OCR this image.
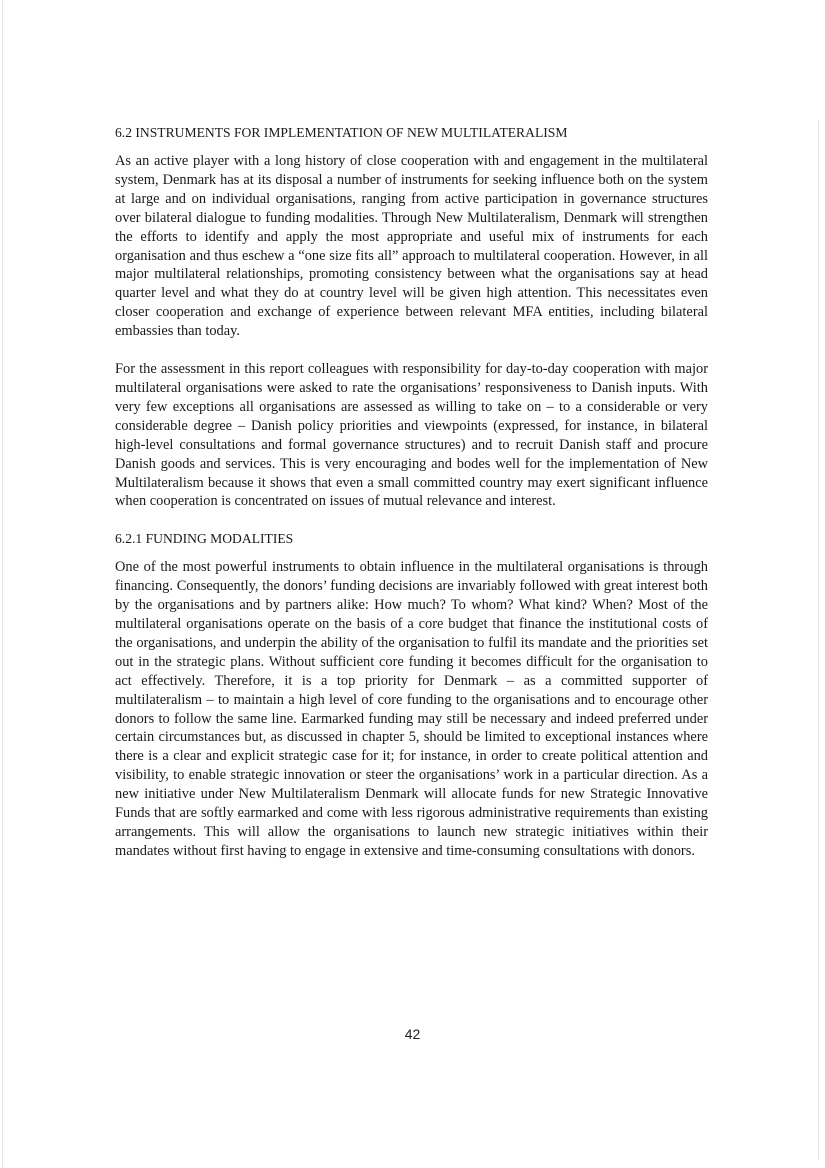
6.2 INSTRUMENTS FOR IMPLEMENTATION OF NEW MULTILATERALISM

As an active player with a long history of close cooperation with and engagement in the multilateral system, Denmark has at its disposal a number of instruments for seeking influence both on the system at large and on individual organisations, ranging from active participation in governance structures over bilateral dialogue to funding modalities. Through New Multilateralism, Denmark will strengthen the efforts to identify and apply the most appropriate and useful mix of instruments for each organisation and thus eschew a “one size fits all” approach to multilateral cooperation. However, in all major multilateral relationships, promoting consistency between what the organisations say at head quarter level and what they do at country level will be given high attention. This necessitates even closer cooperation and exchange of experience between relevant MFA entities, including bilateral embassies than today.

For the assessment in this report colleagues with responsibility for day-to-day cooperation with major multilateral organisations were asked to rate the organisations’ responsiveness to Danish inputs. With very few exceptions all organisations are assessed as willing to take on – to a considerable or very considerable degree – Danish policy priorities and viewpoints (expressed, for instance, in bilateral high-level consultations and formal governance structures) and to recruit Danish staff and procure Danish goods and services. This is very encouraging and bodes well for the implementation of New Multilateralism because it shows that even a small committed country may exert significant influence when cooperation is concentrated on issues of mutual relevance and interest.

6.2.1 FUNDING MODALITIES

One of the most powerful instruments to obtain influence in the multilateral organisations is through financing. Consequently, the donors’ funding decisions are invariably followed with great interest both by the organisations and by partners alike: How much? To whom? What kind? When? Most of the multilateral organisations operate on the basis of a core budget that finance the institutional costs of the organisations, and underpin the ability of the organisation to fulfil its mandate and the priorities set out in the strategic plans. Without sufficient core funding it becomes difficult for the organisation to act effectively. Therefore, it is a top priority for Denmark – as a committed supporter of multilateralism – to maintain a high level of core funding to the organisations and to encourage other donors to follow the same line. Earmarked funding may still be necessary and indeed preferred under certain circumstances but, as discussed in chapter 5, should be limited to exceptional instances where there is a clear and explicit strategic case for it; for instance, in order to create political attention and visibility, to enable strategic innovation or steer the organisations’ work in a particular direction. As a new initiative under New Multilateralism Denmark will allocate funds for new Strategic Innovative Funds that are softly earmarked and come with less rigorous administrative requirements than existing arrangements. This will allow the organisations to launch new strategic initiatives within their mandates without first having to engage in extensive and time-consuming consultations with donors.

42
